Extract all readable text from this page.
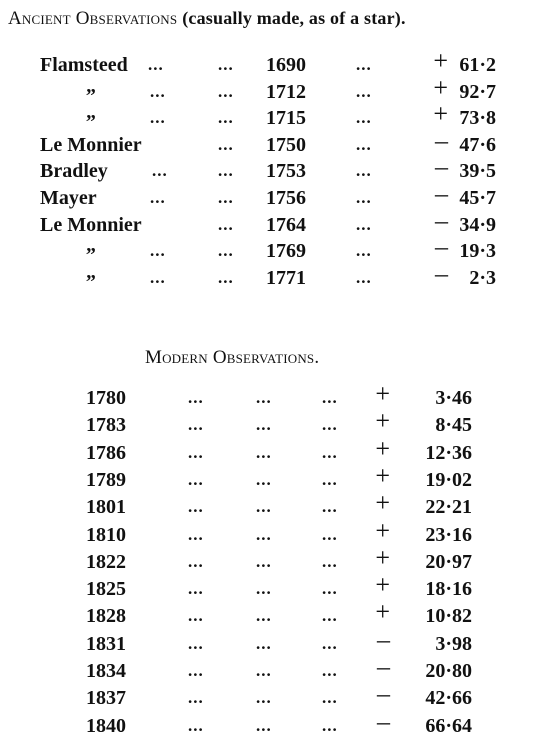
Ancient Observations (casually made, as of a star).
Flamsteed ...	... 1690	...	+ 61·2
„	...	... 1712	...	+ 92·7
„	...	... 1715	...	+ 73·8
Le Monnier	... 1750	...	– 47·6
Bradley	...	... 1753	...	– 39·5
Mayer	...	... 1756	...	– 45·7
Le Monnier	... 1764	...	– 34·9
„	...	... 1769	...	– 19·3
„	...	... 1771	...	–	2·3
Modern Observations.
1780	...	...	...	+	3·46
1783	...	...	...	+	8·45
1786	...	...	...	+	12·36
1789	...	...	...	+	19·02
1801	...	...	...	+	22·21
1810	...	...	...	+	23·16
1822	...	...	...	+	20·97
1825	...	...	...	+	18·16
1828	...	...	...	+	10·82
1831	...	...	...	–	3·98
1834	...	...	...	–	20·80
1837	...	...	...	–	42·66
1840	...	...	...	–	66·64
